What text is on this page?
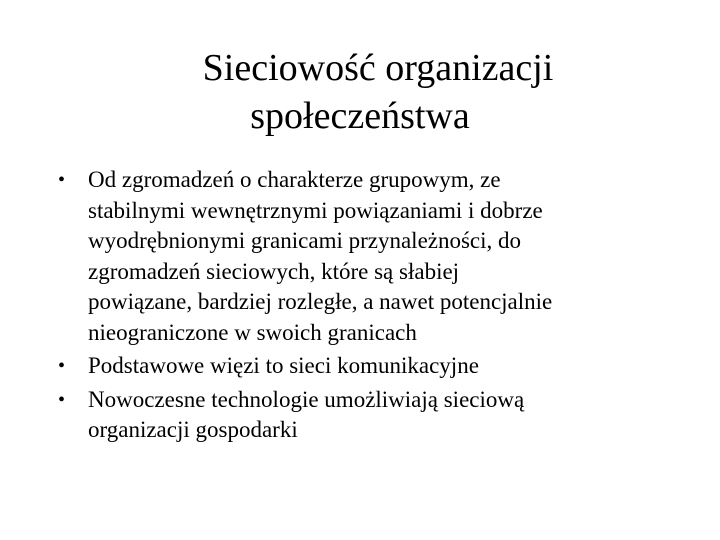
Sieciowość organizacji
społeczeństwa
• Od zgromadzeń o charakterze grupowym, ze
stabilnymi wewnętrznymi powiązaniami i dobrze
wyodrębnionymi granicami przynależności, do
zgromadzeń sieciowych, które są słabiej
powiązane, bardziej rozległe, a nawet potencjalnie
nieograniczone w swoich granicach
• Podstawowe więzi to sieci komunikacyjne
• Nowoczesne technologie umożliwiają sieciową
organizacji gospodarki
